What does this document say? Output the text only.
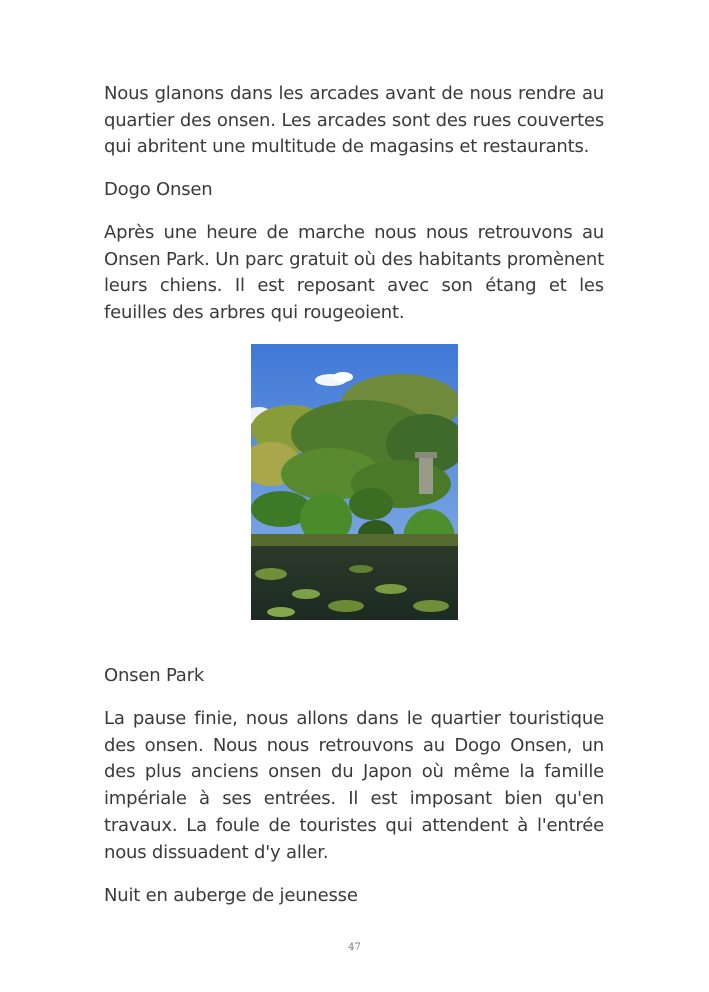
Nous glanons dans les arcades avant de nous rendre au quartier des onsen. Les arcades sont des rues couvertes qui abritent une multitude de magasins et restaurants.

Dogo Onsen

Après une heure de marche nous nous retrouvons au Onsen Park. Un parc gratuit où des habitants promènent leurs chiens. Il est reposant avec son étang et les feuilles des arbres qui rougeoient.

Onsen Park

La pause finie, nous allons dans le quartier touristique des onsen. Nous nous retrouvons au Dogo Onsen, un des plus anciens onsen du Japon où même la famille impériale à ses entrées. Il est imposant bien qu'en travaux. La foule de touristes qui attendent à l'entrée nous dissuadent d'y aller.

Nuit en auberge de jeunesse

47
